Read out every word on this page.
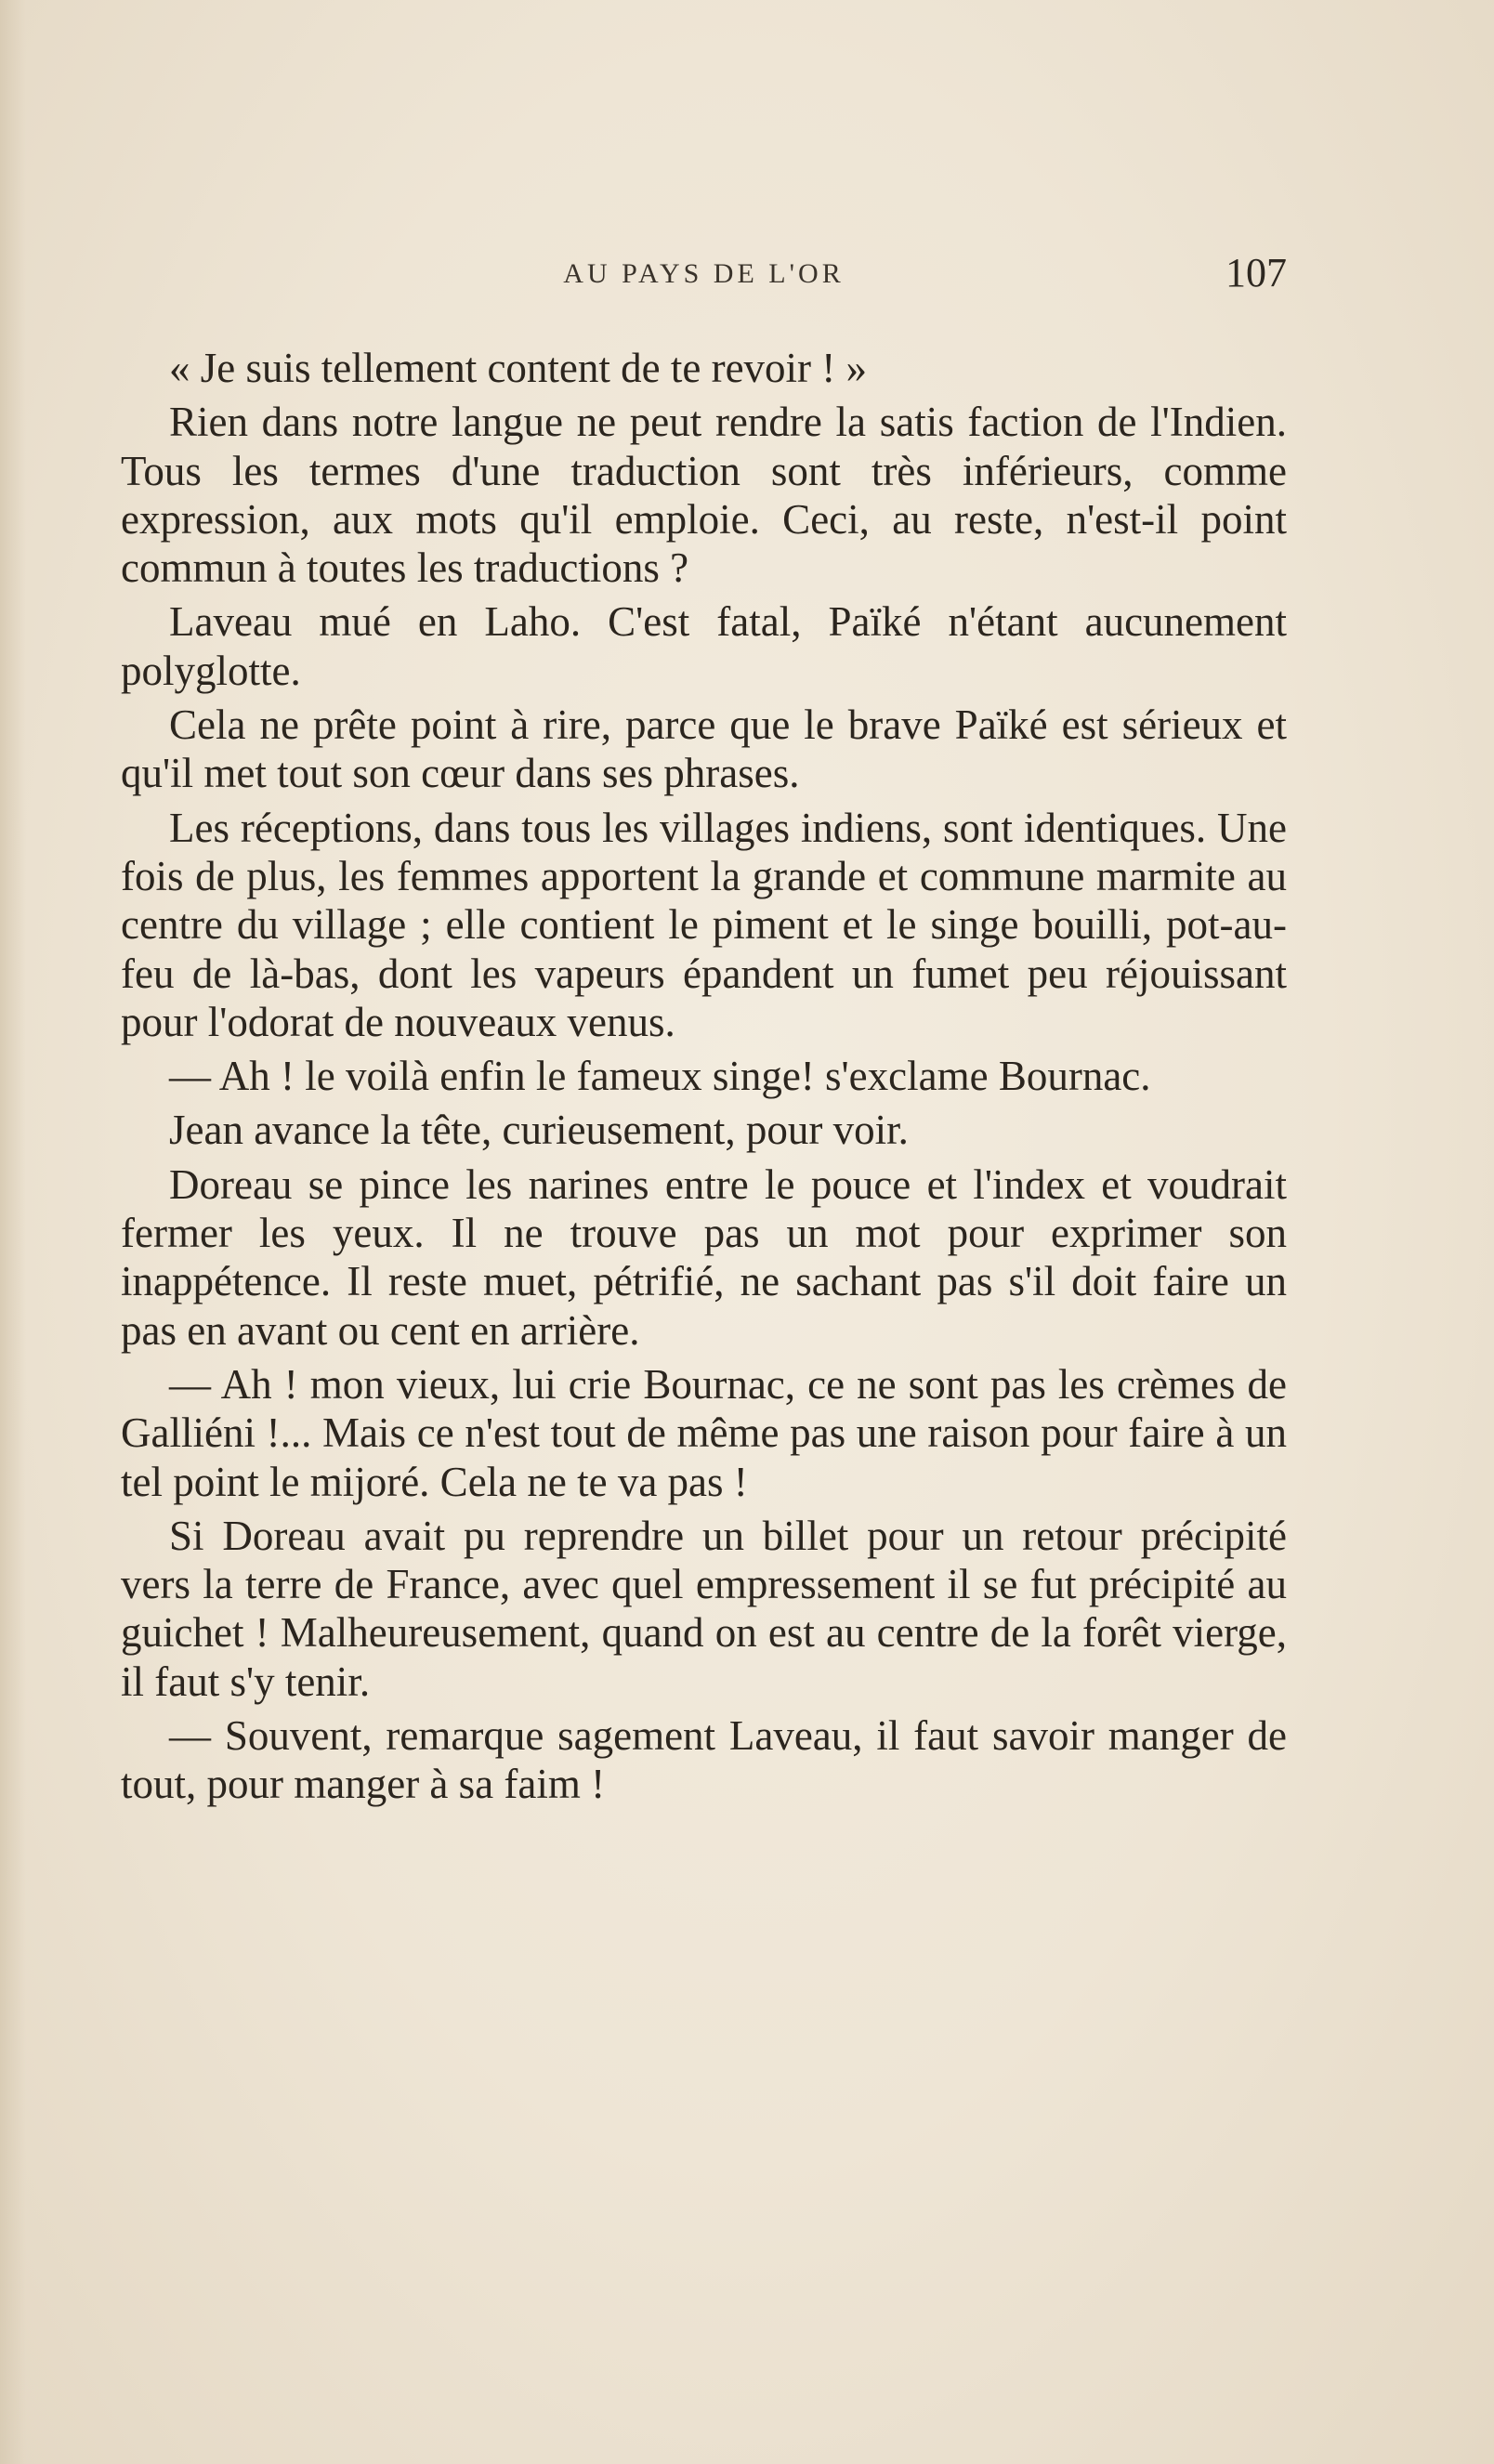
AU PAYS DE L'OR	107

« Je suis tellement content de te revoir ! »

Rien dans notre langue ne peut rendre la satis faction de l'Indien. Tous les termes d'une traduction sont très inférieurs, comme expression, aux mots qu'il emploie. Ceci, au reste, n'est-il point commun à toutes les traductions ?

Laveau mué en Laho. C'est fatal, Païké n'étant aucunement polyglotte.

Cela ne prête point à rire, parce que le brave Païké est sérieux et qu'il met tout son cœur dans ses phrases.

Les réceptions, dans tous les villages indiens, sont identiques. Une fois de plus, les femmes apportent la grande et commune marmite au centre du village ; elle contient le piment et le singe bouilli, pot-au-feu de là-bas, dont les vapeurs épandent un fumet peu réjouissant pour l'odorat de nouveaux venus.

— Ah ! le voilà enfin le fameux singe! s'exclame Bournac.

Jean avance la tête, curieusement, pour voir.

Doreau se pince les narines entre le pouce et l'index et voudrait fermer les yeux. Il ne trouve pas un mot pour exprimer son inappétence. Il reste muet, pétrifié, ne sachant pas s'il doit faire un pas en avant ou cent en arrière.

— Ah ! mon vieux, lui crie Bournac, ce ne sont pas les crèmes de Galliéni !... Mais ce n'est tout de même pas une raison pour faire à un tel point le mijoré. Cela ne te va pas !

Si Doreau avait pu reprendre un billet pour un retour précipité vers la terre de France, avec quel empressement il se fut précipité au guichet ! Malheureusement, quand on est au centre de la forêt vierge, il faut s'y tenir.

— Souvent, remarque sagement Laveau, il faut savoir manger de tout, pour manger à sa faim !
